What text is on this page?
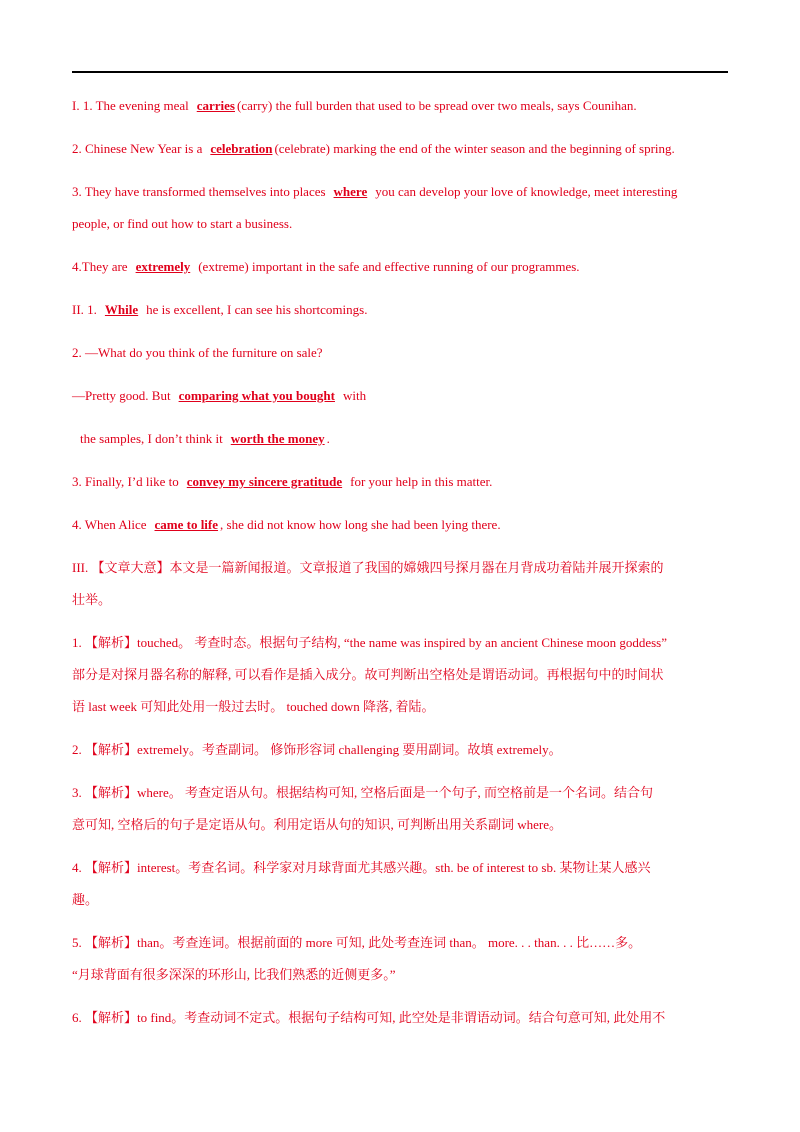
I. 1. The evening meal carries (carry) the full burden that used to be spread over two meals, says Counihan.
2. Chinese New Year is a celebration (celebrate) marking the end of the winter season and the beginning of spring.
3. They have transformed themselves into places where you can develop your love of knowledge, meet interesting
people, or find out how to start a business.
4.They are extremely (extreme) important in the safe and effective running of our programmes.
II. 1. While he is excellent, I can see his shortcomings.
2. —What do you think of the furniture on sale?
—Pretty good. But comparing what you bought with
the samples, I don’t think it worth the money .
3. Finally, I’d like to convey my sincere gratitude for your help in this matter.
4. When Alice came to life , she did not know how long she had been lying there.
III. 【文章大意】本文是一篇新闻报道。文章报道了我国的嫦娥四号探月器在月背成功着陆并展开探索的
壮举。
1. 【解析】touched。 考查时态。根据句子结构, “the name was inspired by an ancient Chinese moon goddess”
部分是对探月器名称的解释, 可以看作是插入成分。故可判断出空格处是谓语动词。再根据句中的时间状
语 last week 可知此处用一般过去时。 touched down 降落, 着陆。
2. 【解析】extremely。考查副词。 修饰形容词 challenging 要用副词。故填 extremely。
3. 【解析】where。 考查定语从句。根据结构可知, 空格后面是一个句子, 而空格前是一个名词。结合句
意可知, 空格后的句子是定语从句。利用定语从句的知识, 可判断出用关系副词 where。
4. 【解析】interest。考查名词。科学家对月球背面尤其感兴趣。sth. be of interest to sb. 某物让某人感兴
趣。
5. 【解析】than。考查连词。根据前面的 more 可知, 此处考查连词 than。 more. . . than. . . 比……多。
“月球背面有很多深深的环形山, 比我们熟悉的近侧更多。”
6. 【解析】to find。考查动词不定式。根据句子结构可知, 此空处是非谓语动词。结合句意可知, 此处用不
